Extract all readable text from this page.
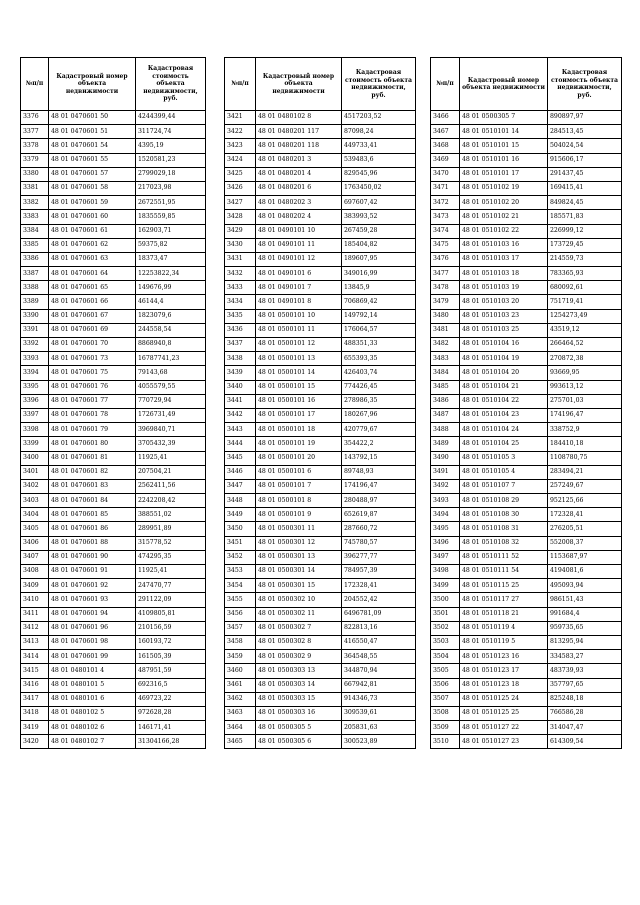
№п/п	Кадастровый номер объекта недвижимости	Кадастровая стоимость объекта недвижимости, руб.
3376	48 01 0470601 50	4244399,44
3377	48 01 0470601 51	311724,74
3378	48 01 0470601 54	4395,19
3379	48 01 0470601 55	1520581,23
3380	48 01 0470601 57	2799029,18
3381	48 01 0470601 58	217023,98
3382	48 01 0470601 59	2672551,95
3383	48 01 0470601 60	1835559,85
3384	48 01 0470601 61	162903,71
3385	48 01 0470601 62	59375,82
3386	48 01 0470601 63	18373,47
3387	48 01 0470601 64	12253822,34
3388	48 01 0470601 65	149676,99
3389	48 01 0470601 66	46144,4
3390	48 01 0470601 67	1823079,6
3391	48 01 0470601 69	244558,54
3392	48 01 0470601 70	8868940,8
3393	48 01 0470601 73	16787741,23
3394	48 01 0470601 75	79143,68
3395	48 01 0470601 76	4055579,55
3396	48 01 0470601 77	770729,94
3397	48 01 0470601 78	1726731,49
3398	48 01 0470601 79	3969840,71
3399	48 01 0470601 80	3705432,39
3400	48 01 0470601 81	11925,41
3401	48 01 0470601 82	207504,21
3402	48 01 0470601 83	2562411,56
3403	48 01 0470601 84	2242208,42
3404	48 01 0470601 85	388551,02
3405	48 01 0470601 86	289951,89
3406	48 01 0470601 88	315778,52
3407	48 01 0470601 90	474295,35
3408	48 01 0470601 91	11925,41
3409	48 01 0470601 92	247470,77
3410	48 01 0470601 93	291122,09
3411	48 01 0470601 94	4109805,81
3412	48 01 0470601 96	210156,59
3413	48 01 0470601 98	160193,72
3414	48 01 0470601 99	161505,39
3415	48 01 0480101 4	487951,59
3416	48 01 0480101 5	692316,5
3417	48 01 0480101 6	469723,22
3418	48 01 0480102 5	972628,28
3419	48 01 0480102 6	146171,41
3420	48 01 0480102 7	31304166,28
№п/п	Кадастровый номер объекта недвижимости	Кадастровая стоимость объекта недвижимости, руб.
3421	48 01 0480102 8	4517203,52
3422	48 01 0480201 117	87098,24
3423	48 01 0480201 118	449733,41
3424	48 01 0480201 3	539483,6
3425	48 01 0480201 4	829545,96
3426	48 01 0480201 6	1763450,02
3427	48 01 0480202 3	697607,42
3428	48 01 0480202 4	383993,52
3429	48 01 0490101 10	267459,28
3430	48 01 0490101 11	185404,82
3431	48 01 0490101 12	189607,95
3432	48 01 0490101 6	349016,99
3433	48 01 0490101 7	13845,9
3434	48 01 0490101 8	706869,42
3435	48 01 0500101 10	149792,14
3436	48 01 0500101 11	176064,57
3437	48 01 0500101 12	488351,33
3438	48 01 0500101 13	655393,35
3439	48 01 0500101 14	426403,74
3440	48 01 0500101 15	774426,45
3441	48 01 0500101 16	278986,35
3442	48 01 0500101 17	180267,96
3443	48 01 0500101 18	420779,67
3444	48 01 0500101 19	354422,2
3445	48 01 0500101 20	143792,15
3446	48 01 0500101 6	89748,93
3447	48 01 0500101 7	174196,47
3448	48 01 0500101 8	280488,97
3449	48 01 0500101 9	652619,87
3450	48 01 0500301 11	287660,72
3451	48 01 0500301 12	745780,57
3452	48 01 0500301 13	396277,77
3453	48 01 0500301 14	784957,39
3454	48 01 0500301 15	172328,41
3455	48 01 0500302 10	204552,42
3456	48 01 0500302 11	6496781,09
3457	48 01 0500302 7	822813,16
3458	48 01 0500302 8	416550,47
3459	48 01 0500302 9	364548,55
3460	48 01 0500303 13	344870,94
3461	48 01 0500303 14	667942,81
3462	48 01 0500303 15	914346,73
3463	48 01 0500303 16	309539,61
3464	48 01 0500305 5	205831,63
3465	48 01 0500305 6	300523,89
№п/п	Кадастровый номер объекта недвижимости	Кадастровая стоимость объекта недвижимости, руб.
3466	48 01 0500305 7	890897,97
3467	48 01 0510101 14	284513,45
3468	48 01 0510101 15	504024,54
3469	48 01 0510101 16	915606,17
3470	48 01 0510101 17	291437,45
3471	48 01 0510102 19	169415,41
3472	48 01 0510102 20	849824,45
3473	48 01 0510102 21	185571,83
3474	48 01 0510102 22	226999,12
3475	48 01 0510103 16	173729,45
3476	48 01 0510103 17	214559,73
3477	48 01 0510103 18	783365,93
3478	48 01 0510103 19	680092,61
3479	48 01 0510103 20	751719,41
3480	48 01 0510103 23	1254273,49
3481	48 01 0510103 25	43519,12
3482	48 01 0510104 16	266464,52
3483	48 01 0510104 19	270872,38
3484	48 01 0510104 20	93669,95
3485	48 01 0510104 21	993613,12
3486	48 01 0510104 22	275701,03
3487	48 01 0510104 23	174196,47
3488	48 01 0510104 24	338752,9
3489	48 01 0510104 25	184410,18
3490	48 01 0510105 3	1108780,75
3491	48 01 0510105 4	283494,21
3492	48 01 0510107 7	257249,67
3493	48 01 0510108 29	952125,66
3494	48 01 0510108 30	172328,41
3495	48 01 0510108 31	276205,51
3496	48 01 0510108 32	552008,37
3497	48 01 0510111 52	1153687,97
3498	48 01 0510111 54	4194081,6
3499	48 01 0510115 25	495093,94
3500	48 01 0510117 27	986151,43
3501	48 01 0510118 21	991684,4
3502	48 01 0510119 4	959735,65
3503	48 01 0510119 5	813295,94
3504	48 01 0510123 16	334583,27
3505	48 01 0510123 17	483739,93
3506	48 01 0510123 18	357797,65
3507	48 01 0510125 24	825248,18
3508	48 01 0510125 25	766586,28
3509	48 01 0510127 22	314047,47
3510	48 01 0510127 23	614309,54
